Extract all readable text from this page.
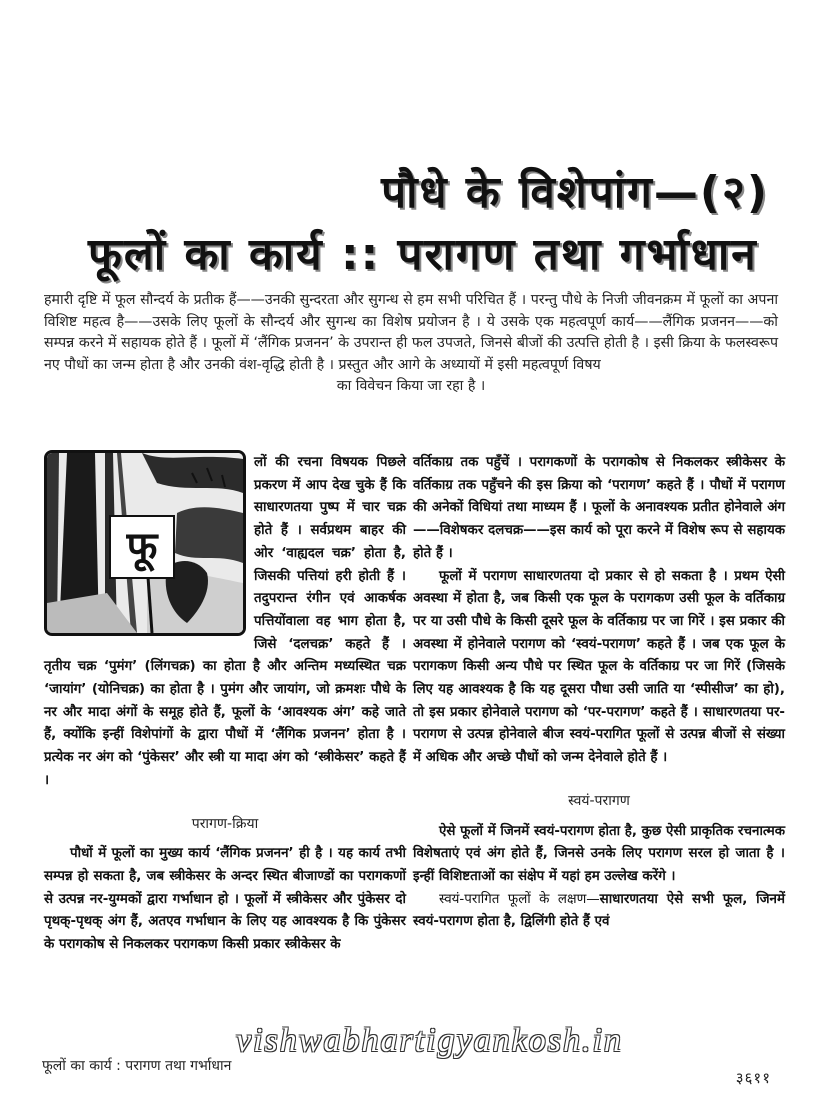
पौधे के विशेपांग—(२)
फूलों का कार्य :: परागण तथा गर्भाधान
हमारी दृष्टि में फूल सौन्दर्य के प्रतीक हैं——उनकी सुन्दरता और सुगन्ध से हम सभी परिचित हैं । परन्तु पौधे के निजी जीवनक्रम में फूलों का अपना विशिष्ट महत्व है——उसके लिए फूलों के सौन्दर्य और सुगन्ध का विशेष प्रयोजन है । ये उसके एक महत्वपूर्ण कार्य——लैंगिक प्रजनन——को सम्पन्न करने में सहायक होते हैं । फूलों में ‘लैंगिक प्रजनन’ के उपरान्त ही फल उपजते, जिनसे बीजों की उत्पत्ति होती है । इसी क्रिया के फलस्वरूप नए पौधों का जन्म होता है और उनकी वंश-वृद्धि होती है । प्रस्तुत और आगे के अध्यायों में इसी महत्वपूर्ण विषय
का विवेचन किया जा रहा है ।
फू

लों की रचना विषयक पिछले प्रकरण में आप देख चुके हैं कि साधारणतया पुष्प में चार चक्र होते हैं । सर्वप्रथम बाहर की ओर ‘वाह्यदल चक्र’ होता है, जिसकी पत्तियां हरी होती हैं । तदुपरान्त रंगीन एवं आकर्षक पत्तियोंवाला वह भाग होता है, जिसे ‘दलचक्र’ कहते हैं । तृतीय चक्र ‘पुमंग’ (लिंगचक्र) का होता है और अन्तिम मध्यस्थित चक्र ‘जायांग’ (योनिचक्र) का होता है । पुमंग और जायांग, जो क्रमशः पौधे के नर और मादा अंगों के समूह होते हैं, फूलों के ‘आवश्यक अंग’ कहे जाते हैं, क्योंकि इन्हीं विशेपांगों के द्वारा पौधों में ‘लैंगिक प्रजनन’ होता है । प्रत्येक नर अंग को ‘पुंकेसर’ और स्त्री या मादा अंग को ‘स्त्रीकेसर’ कहते हैं ।

परागण-क्रिया

पौधों में फूलों का मुख्य कार्य ‘लैंगिक प्रजनन’ ही है । यह कार्य तभी सम्पन्न हो सकता है, जब स्त्रीकेसर के अन्दर स्थित बीजाण्डों का परागकणों से उत्पन्न नर-युग्मकों द्वारा गर्भाधान हो । फूलों में स्त्रीकेसर और पुंकेसर दो पृथक्-पृथक् अंग हैं, अतएव गर्भाधान के लिए यह आवश्यक है कि पुंकेसर के परागकोष से निकलकर परागकण किसी प्रकार स्त्रीकेसर के

वर्तिकाग्र तक पहुँचें । परागकणों के परागकोष से निकलकर स्त्रीकेसर के वर्तिकाग्र तक पहुँचने की इस क्रिया को ‘परागण’ कहते हैं । पौधों में परागण की अनेकों विधियां तथा माध्यम हैं । फूलों के अनावश्यक प्रतीत होनेवाले अंग——विशेषकर दलचक्र——इस कार्य को पूरा करने में विशेष रूप से सहायक होते हैं ।

फूलों में परागण साधारणतया दो प्रकार से हो सकता है । प्रथम ऐसी अवस्था में होता है, जब किसी एक फूल के परागकण उसी फूल के वर्तिकाग्र पर या उसी पौधे के किसी दूसरे फूल के वर्तिकाग्र पर जा गिरें । इस प्रकार की अवस्था में होनेवाले परागण को ‘स्वयं-परागण’ कहते हैं । जब एक फूल के परागकण किसी अन्य पौधे पर स्थित फूल के वर्तिकाग्र पर जा गिरें (जिसके लिए यह आवश्यक है कि यह दूसरा पौधा उसी जाति या ‘स्पीसीज’ का हो), तो इस प्रकार होनेवाले परागण को ‘पर-परागण’ कहते हैं । साधारणतया पर-परागण से उत्पन्न होनेवाले बीज स्वयं-परागित फूलों से उत्पन्न बीजों से संख्या में अधिक और अच्छे पौधों को जन्म देनेवाले होते हैं ।

स्वयं-परागण

ऐसे फूलों में जिनमें स्वयं-परागण होता है, कुछ ऐसी प्राकृतिक रचनात्मक विशेषताएं एवं अंग होते हैं, जिनसे उनके लिए परागण सरल हो जाता है । इन्हीं विशिष्टताओं का संक्षेप में यहां हम उल्लेख करेंगे ।

स्वयं-परागित फूलों के लक्षण—साधारणतया ऐसे सभी फूल, जिनमें स्वयं-परागण होता है, द्विलिंगी होते हैं एवं

vishwabhartigyankosh.in
फूलों का कार्य : परागण तथा गर्भाधान
३६११
